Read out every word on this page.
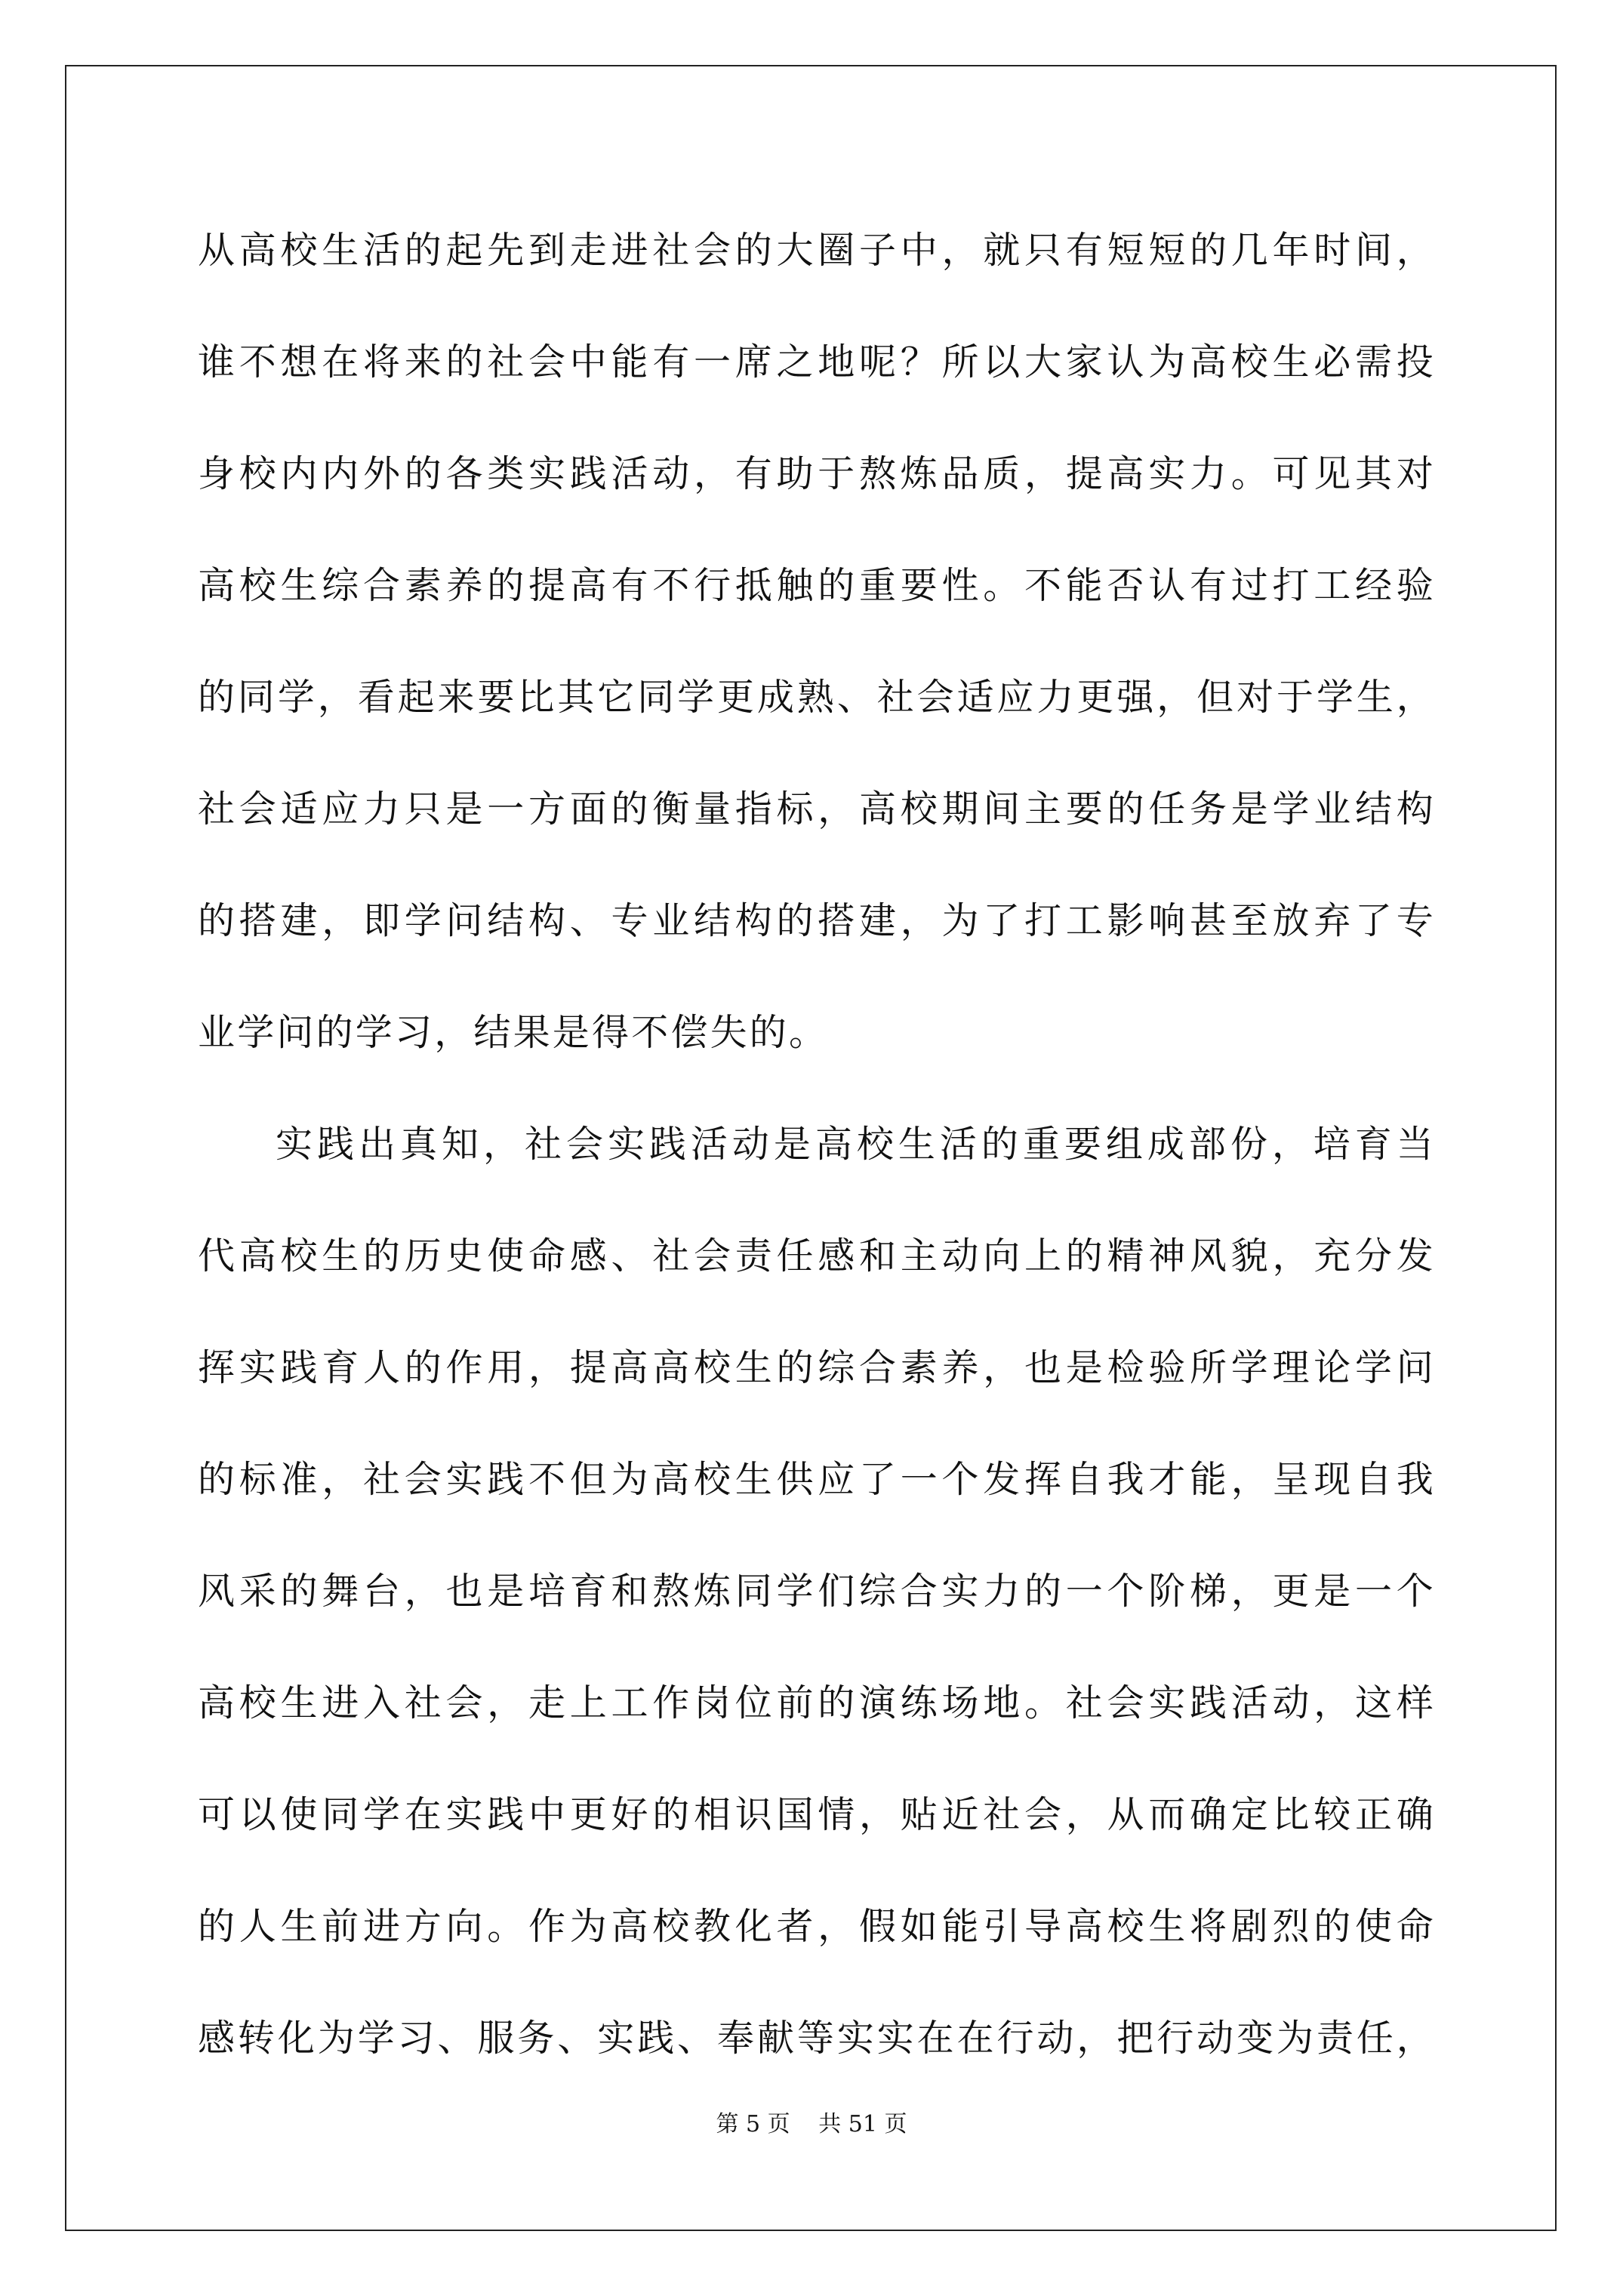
从高校生活的起先到走进社会的大圈子中，就只有短短的几年时间，
谁不想在将来的社会中能有一席之地呢？所以大家认为高校生必需投
身校内内外的各类实践活动，有助于熬炼品质，提高实力。可见其对
高校生综合素养的提高有不行抵触的重要性。不能否认有过打工经验
的同学，看起来要比其它同学更成熟、社会适应力更强，但对于学生，
社会适应力只是一方面的衡量指标，高校期间主要的任务是学业结构
的搭建，即学问结构、专业结构的搭建，为了打工影响甚至放弃了专
业学问的学习，结果是得不偿失的。
实践出真知，社会实践活动是高校生活的重要组成部份，培育当
代高校生的历史使命感、社会责任感和主动向上的精神风貌，充分发
挥实践育人的作用，提高高校生的综合素养，也是检验所学理论学问
的标准，社会实践不但为高校生供应了一个发挥自我才能，呈现自我
风采的舞台，也是培育和熬炼同学们综合实力的一个阶梯，更是一个
高校生进入社会，走上工作岗位前的演练场地。社会实践活动，这样
可以使同学在实践中更好的相识国情，贴近社会，从而确定比较正确
的人生前进方向。作为高校教化者，假如能引导高校生将剧烈的使命
感转化为学习、服务、实践、奉献等实实在在行动，把行动变为责任，
第 5 页 共 51 页
